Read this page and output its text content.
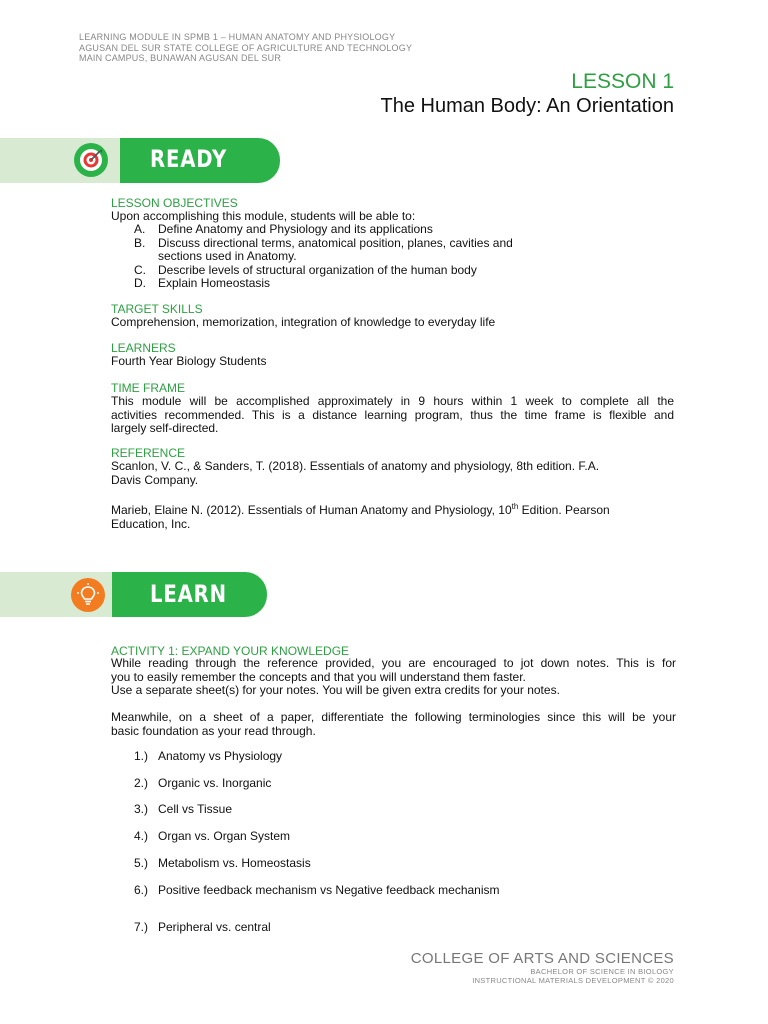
LEARNING MODULE IN SPMB 1 – HUMAN ANATOMY AND PHYSIOLOGY
AGUSAN DEL SUR STATE COLLEGE OF AGRICULTURE AND TECHNOLOGY
MAIN CAMPUS, BUNAWAN AGUSAN DEL SUR
LESSON 1
The Human Body: An Orientation
READY
LESSON OBJECTIVES
Upon accomplishing this module, students will be able to:
A. Define Anatomy and Physiology and its applications
B. Discuss directional terms, anatomical position, planes, cavities and
sections used in Anatomy.
C. Describe levels of structural organization of the human body
D. Explain Homeostasis
TARGET SKILLS
Comprehension, memorization, integration of knowledge to everyday life
LEARNERS
Fourth Year Biology Students
TIME FRAME
This module will be accomplished approximately in 9 hours within 1 week to complete all the
activities recommended. This is a distance learning program, thus the time frame is flexible and
largely self-directed.
REFERENCE
Scanlon, V. C., & Sanders, T. (2018). Essentials of anatomy and physiology, 8th edition. F.A.
Davis Company.
Marieb, Elaine N. (2012). Essentials of Human Anatomy and Physiology, 10th Edition. Pearson
Education, Inc.
LEARN
ACTIVITY 1: EXPAND YOUR KNOWLEDGE
While reading through the reference provided, you are encouraged to jot down notes. This is for
you to easily remember the concepts and that you will understand them faster.
Use a separate sheet(s) for your notes. You will be given extra credits for your notes.
Meanwhile, on a sheet of a paper, differentiate the following terminologies since this will be your
basic foundation as your read through.
1.) Anatomy vs Physiology
2.) Organic vs. Inorganic
3.) Cell vs Tissue
4.) Organ vs. Organ System
5.) Metabolism vs. Homeostasis
6.) Positive feedback mechanism vs Negative feedback mechanism
7.) Peripheral vs. central
COLLEGE OF ARTS AND SCIENCES
BACHELOR OF SCIENCE IN BIOLOGY
INSTRUCTIONAL MATERIALS DEVELOPMENT © 2020
